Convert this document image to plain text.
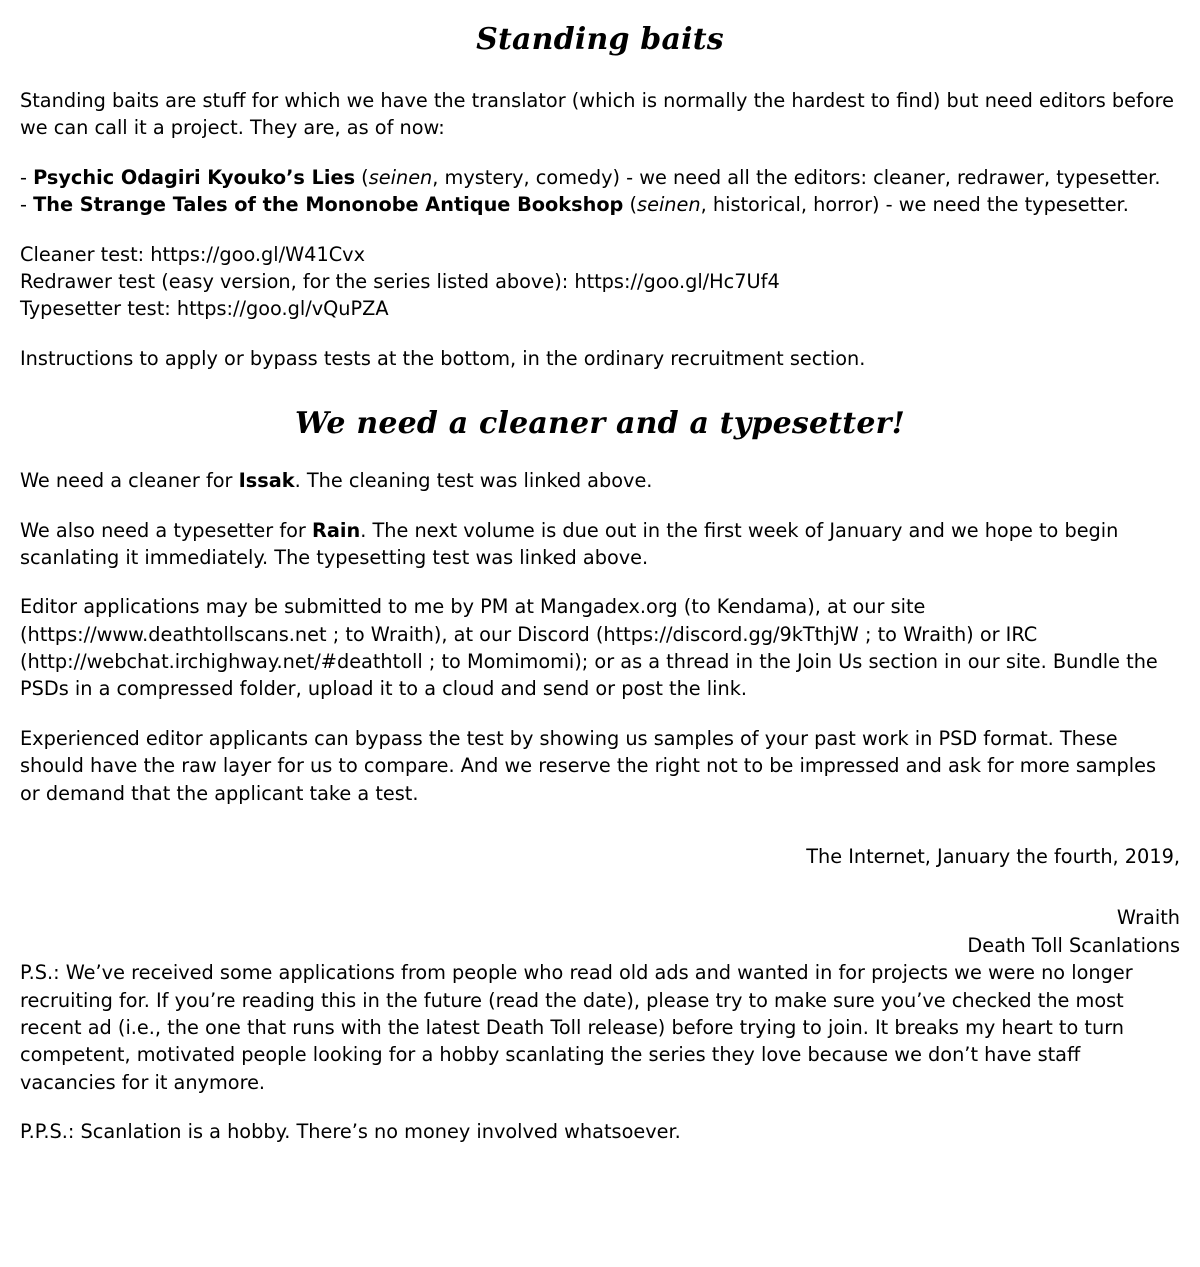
Standing baits

Standing baits are stuff for which we have the translator (which is normally the hardest to find) but need editors before we can call it a project. They are, as of now:

- Psychic Odagiri Kyouko’s Lies (seinen, mystery, comedy) - we need all the editors: cleaner, redrawer, typesetter.
- The Strange Tales of the Mononobe Antique Bookshop (seinen, historical, horror) - we need the typesetter.
Cleaner test: https://goo.gl/W41Cvx
Redrawer test (easy version, for the series listed above): https://goo.gl/Hc7Uf4
Typesetter test: https://goo.gl/vQuPZA

Instructions to apply or bypass tests at the bottom, in the ordinary recruitment section.

We need a cleaner and a typesetter!

We need a cleaner for Issak. The cleaning test was linked above.

We also need a typesetter for Rain. The next volume is due out in the first week of January and we hope to begin scanlating it immediately. The typesetting test was linked above.

Editor applications may be submitted to me by PM at Mangadex.org (to Kendama), at our site (https://www.deathtollscans.net ; to Wraith), at our Discord (https://discord.gg/9kTthjW ; to Wraith) or IRC (http://webchat.irchighway.net/#deathtoll ; to Momimomi); or as a thread in the Join Us section in our site. Bundle the PSDs in a compressed folder, upload it to a cloud and send or post the link.

Experienced editor applicants can bypass the test by showing us samples of your past work in PSD format. These should have the raw layer for us to compare. And we reserve the right not to be impressed and ask for more samples or demand that the applicant take a test.

The Internet, January the fourth, 2019,

Wraith

Death Toll Scanlations

P.S.: We’ve received some applications from people who read old ads and wanted in for projects we were no longer recruiting for. If you’re reading this in the future (read the date), please try to make sure you’ve checked the most recent ad (i.e., the one that runs with the latest Death Toll release) before trying to join. It breaks my heart to turn competent, motivated people looking for a hobby scanlating the series they love because we don’t have staff vacancies for it anymore.

P.P.S.: Scanlation is a hobby. There’s no money involved whatsoever.
